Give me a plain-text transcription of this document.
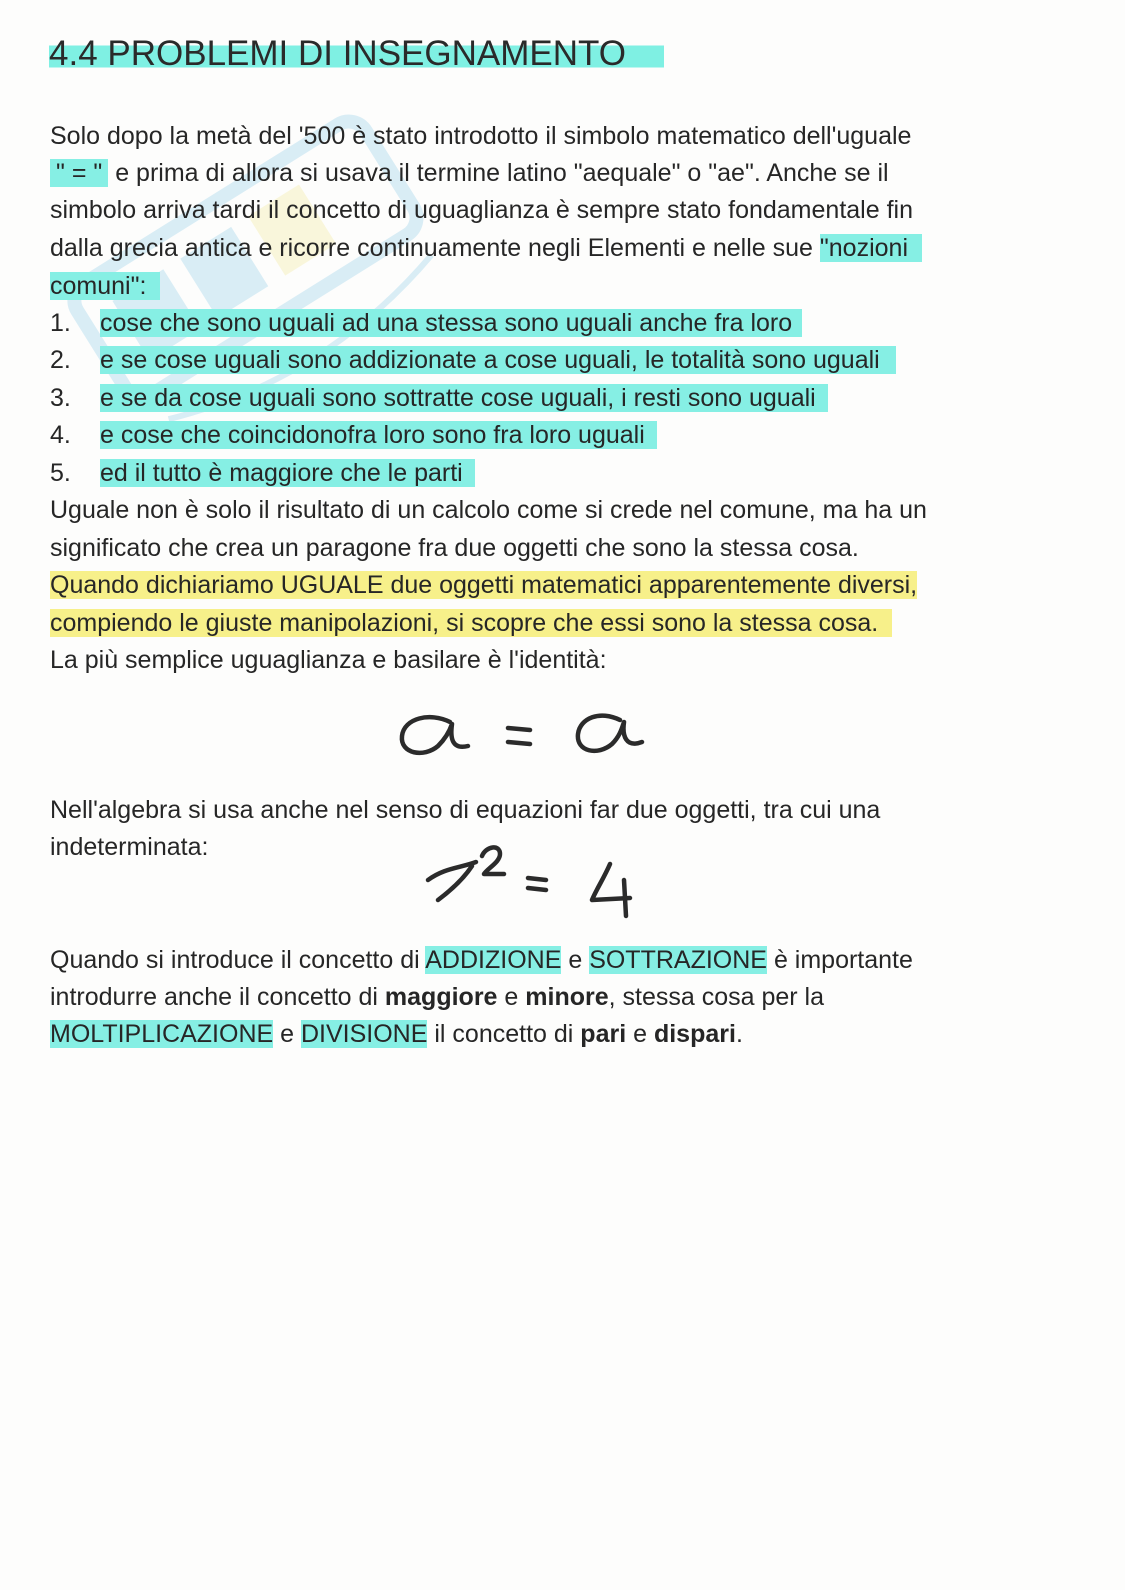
4.4 PROBLEMI DI INSEGNAMENTO
Solo dopo la metà del '500 è stato introdotto il simbolo matematico dell'uguale
" = " e prima di allora si usava il termine latino "aequale" o "ae". Anche se il
simbolo arriva tardi il concetto di uguaglianza è sempre stato fondamentale fin
dalla grecia antica e ricorre continuamente negli Elementi e nelle sue "nozioni
comuni":
1. cose che sono uguali ad una stessa sono uguali anche fra loro
2. e se cose uguali sono addizionate a cose uguali, le totalità sono uguali
3. e se da cose uguali sono sottratte cose uguali, i resti sono uguali
4. e cose che coincidonofra loro sono fra loro uguali
5. ed il tutto è maggiore che le parti
Uguale non è solo il risultato di un calcolo come si crede nel comune, ma ha un
significato che crea un paragone fra due oggetti che sono la stessa cosa.
Quando dichiariamo UGUALE due oggetti matematici apparentemente diversi,
compiendo le giuste manipolazioni, si scopre che essi sono la stessa cosa.
La più semplice uguaglianza e basilare è l'identità:
a = a
Nell'algebra si usa anche nel senso di equazioni far due oggetti, tra cui una
indeterminata:	x² = 4
Quando si introduce il concetto di ADDIZIONE e SOTTRAZIONE è importante
introdurre anche il concetto di maggiore e minore, stessa cosa per la
MOLTIPLICAZIONE e DIVISIONE il concetto di pari e dispari.
